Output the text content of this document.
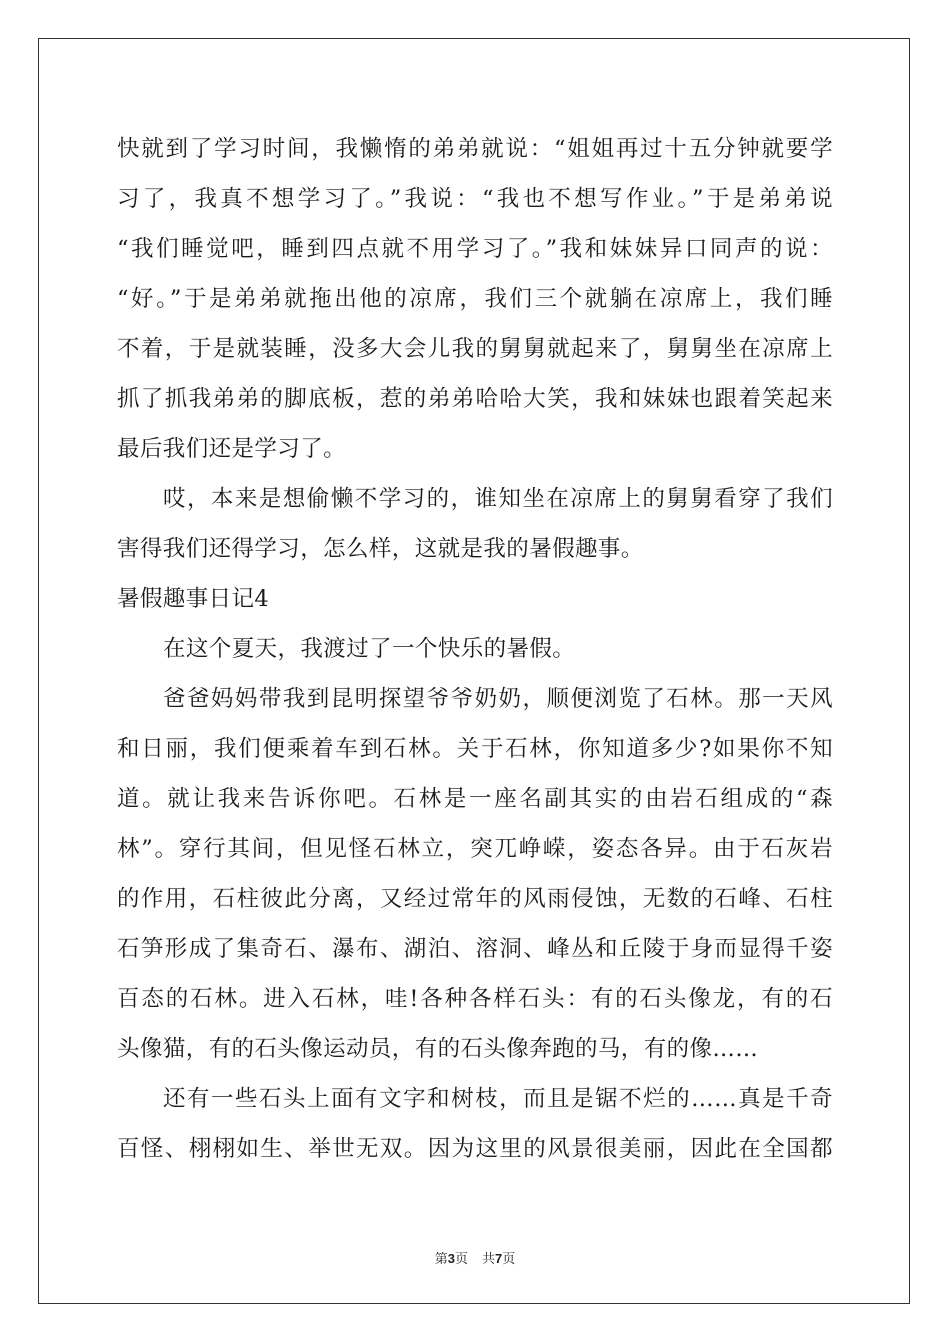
快就到了学习时间，我懒惰的弟弟就说：“姐姐再过十五分钟就要学
习了，我真不想学习了。”我说：“我也不想写作业。”于是弟弟说
“我们睡觉吧，睡到四点就不用学习了。”我和妹妹异口同声的说：
“好。”于是弟弟就拖出他的凉席，我们三个就躺在凉席上，我们睡
不着，于是就装睡，没多大会儿我的舅舅就起来了，舅舅坐在凉席上
抓了抓我弟弟的脚底板，惹的弟弟哈哈大笑，我和妹妹也跟着笑起来
最后我们还是学习了。
哎，本来是想偷懒不学习的，谁知坐在凉席上的舅舅看穿了我们
害得我们还得学习，怎么样，这就是我的暑假趣事。
暑假趣事日记4
在这个夏天，我渡过了一个快乐的暑假。
爸爸妈妈带我到昆明探望爷爷奶奶，顺便浏览了石林。那一天风
和日丽，我们便乘着车到石林。关于石林，你知道多少?如果你不知
道。就让我来告诉你吧。石林是一座名副其实的由岩石组成的“森
林”。穿行其间，但见怪石林立，突兀峥嵘，姿态各异。由于石灰岩
的作用，石柱彼此分离，又经过常年的风雨侵蚀，无数的石峰、石柱
石笋形成了集奇石、瀑布、湖泊、溶洞、峰丛和丘陵于身而显得千姿
百态的石林。进入石林，哇!各种各样石头：有的石头像龙，有的石
头像猫，有的石头像运动员，有的石头像奔跑的马，有的像……
还有一些石头上面有文字和树枝，而且是锯不烂的……真是千奇
百怪、栩栩如生、举世无双。因为这里的风景很美丽，因此在全国都
第3页 共7页
